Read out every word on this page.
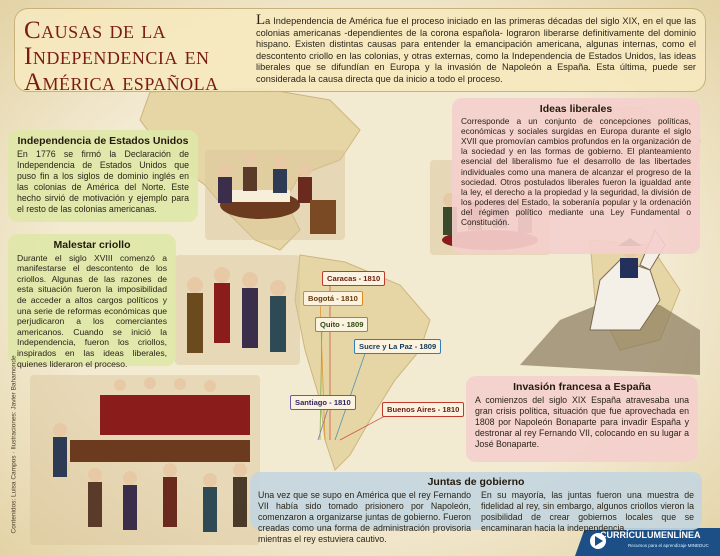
Causas de la
Independencia en
América española
La Independencia de América fue el proceso iniciado en las primeras décadas del siglo XIX, en el que las colonias americanas -dependientes de la corona española- lograron liberarse definitivamente del dominio hispano. Existen distintas causas para entender la emancipación americana, algunas internas, como el descontento criollo en las colonias, y otras externas, como la Independencia de Estados Unidos, las ideas liberales que se difundían en Europa y la invasión de Napoleón a España. Esta última, puede ser considerada la causa directa que da inicio a todo el proceso.
Independencia de Estados Unidos
En 1776 se firmó la Declaración de Independencia de Estados Unidos que puso fin a los siglos de dominio inglés en las colonias de América del Norte. Este hecho sirvió de motivación y ejemplo para el resto de las colonias americanas.
Malestar criollo
Durante el siglo XVIII comenzó a manifestarse el descontento de los criollos. Algunas de las razones de esta situación fueron la imposibilidad de acceder a altos cargos políticos y una serie de reformas económicas que perjudicaron a los comerciantes americanos. Cuando se inició la Independencia, fueron los criollos, inspirados en las ideas liberales, quienes lideraron el proceso.
Ideas liberales
Corresponde a un conjunto de concepciones políticas, económicas y sociales surgidas en Europa durante el siglo XVII que promovían cambios profundos en la organización de la sociedad y en las formas de gobierno. El planteamiento esencial del liberalismo fue el desarrollo de las libertades individuales como una manera de alcanzar el progreso de la sociedad. Otros postulados liberales fueron la igualdad ante la ley, el derecho a la propiedad y la seguridad, la división de los poderes del Estado, la soberanía popular y la ordenación del régimen político mediante una Ley Fundamental o Constitución.
Invasión francesa a España
A comienzos del siglo XIX España atravesaba una gran crisis política, situación que fue aprovechada en 1808 por Napoleón Bonaparte para invadir España y destronar al rey Fernando VII, colocando en su lugar a José Bonaparte.
Juntas de gobierno
Una vez que se supo en América que el rey Fernando VII había sido tomado prisionero por Napoleón, comenzaron a organizarse juntas de gobierno. Fueron creadas como una forma de administración provisoria mientras el rey estuviera cautivo.
En su mayoría, las juntas fueron una muestra de fidelidad al rey, sin embargo, algunos criollos vieron la posibilidad de crear gobiernos locales que se encaminaran hacia la independencia.
Caracas - 1810
Bogotá - 1810
Quito - 1809
Sucre y La Paz - 1809
Santiago - 1810
Buenos Aires - 1810
Contenidos: Luisa Campos · Ilustraciones: Javier Bahamonde
CURRÍCULUMENLÍNEA
Recursos para el aprendizaje MINEDUC
